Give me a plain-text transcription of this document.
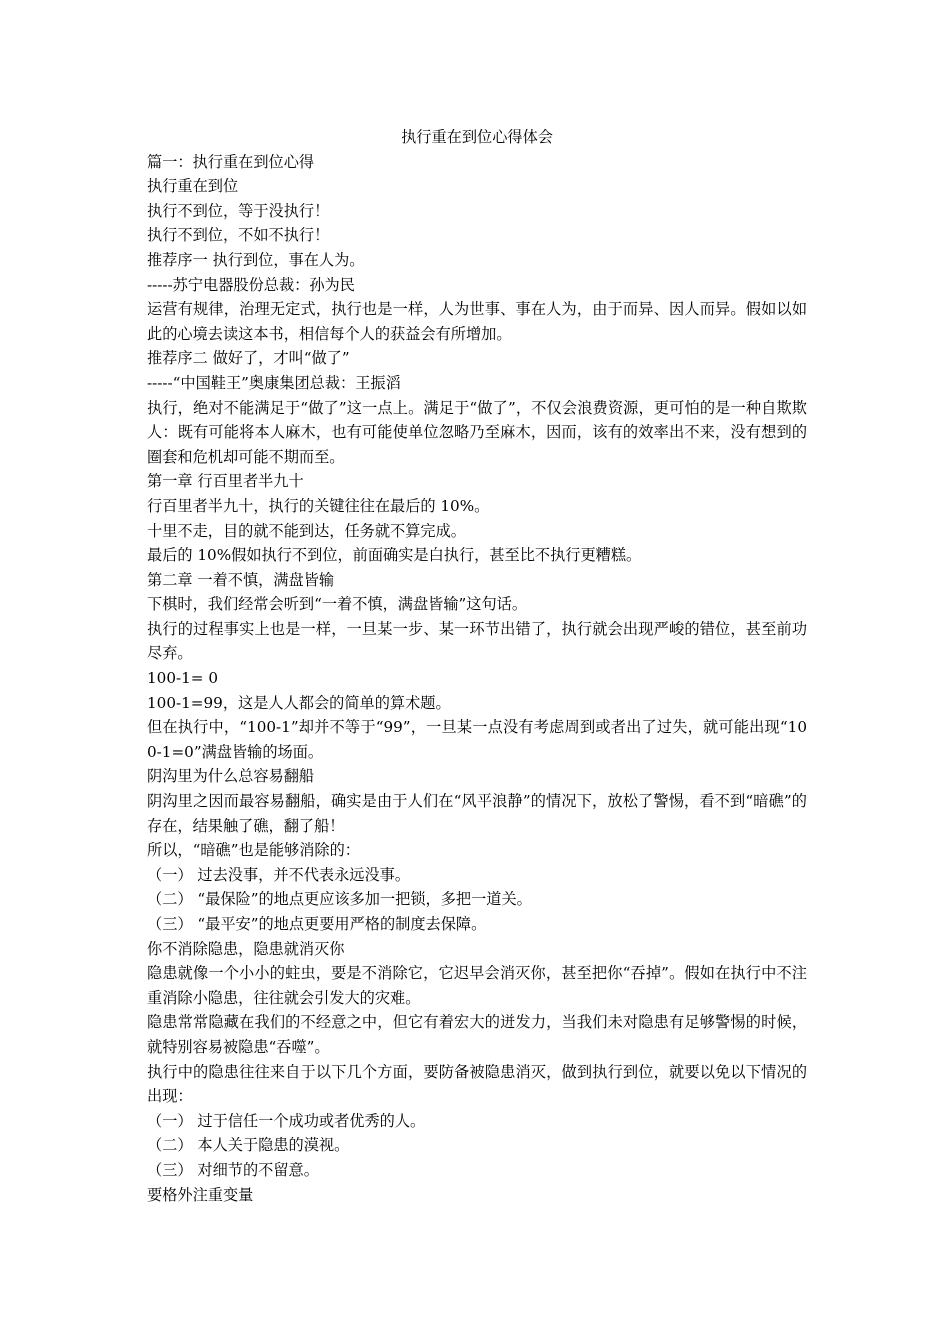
执行重在到位心得体会
篇一：执行重在到位心得
执行重在到位
执行不到位，等于没执行！
执行不到位，不如不执行！
推荐序一 执行到位，事在人为。
-----苏宁电器股份总裁：孙为民
运营有规律，治理无定式，执行也是一样，人为世事、事在人为，由于而异、因人而异。假如以如此的心境去读这本书，相信每个人的获益会有所增加。
推荐序二 做好了，才叫“做了”
-----“中国鞋王”奥康集团总裁：王振滔
执行，绝对不能满足于“做了”这一点上。满足于“做了”，不仅会浪费资源，更可怕的是一种自欺欺人：既有可能将本人麻木，也有可能使单位忽略乃至麻木，因而，该有的效率出不来，没有想到的圈套和危机却可能不期而至。
第一章 行百里者半九十
行百里者半九十，执行的关键往往在最后的 10%。
十里不走，目的就不能到达，任务就不算完成。
最后的 10%假如执行不到位，前面确实是白执行，甚至比不执行更糟糕。
第二章 一着不慎，满盘皆输
下棋时，我们经常会听到“一着不慎，满盘皆输”这句话。
执行的过程事实上也是一样，一旦某一步、某一环节出错了，执行就会出现严峻的错位，甚至前功尽弃。
100-1= 0
100-1=99，这是人人都会的简单的算术题。
但在执行中，“100-1”却并不等于“99”，一旦某一点没有考虑周到或者出了过失，就可能出现“100-1=0”满盘皆输的场面。
阴沟里为什么总容易翻船
阴沟里之因而最容易翻船，确实是由于人们在“风平浪静”的情况下，放松了警惕，看不到“暗礁”的存在，结果触了礁，翻了船！
所以，“暗礁”也是能够消除的：
（一） 过去没事，并不代表永远没事。
（二） “最保险”的地点更应该多加一把锁，多把一道关。
（三） “最平安”的地点更要用严格的制度去保障。
你不消除隐患，隐患就消灭你
隐患就像一个小小的蛀虫，要是不消除它，它迟早会消灭你，甚至把你“吞掉”。假如在执行中不注重消除小隐患，往往就会引发大的灾难。
隐患常常隐藏在我们的不经意之中，但它有着宏大的迸发力，当我们未对隐患有足够警惕的时候，就特别容易被隐患“吞噬”。
执行中的隐患往往来自于以下几个方面，要防备被隐患消灭，做到执行到位，就要以免以下情况的出现：
（一） 过于信任一个成功或者优秀的人。
（二） 本人关于隐患的漠视。
（三） 对细节的不留意。
要格外注重变量
